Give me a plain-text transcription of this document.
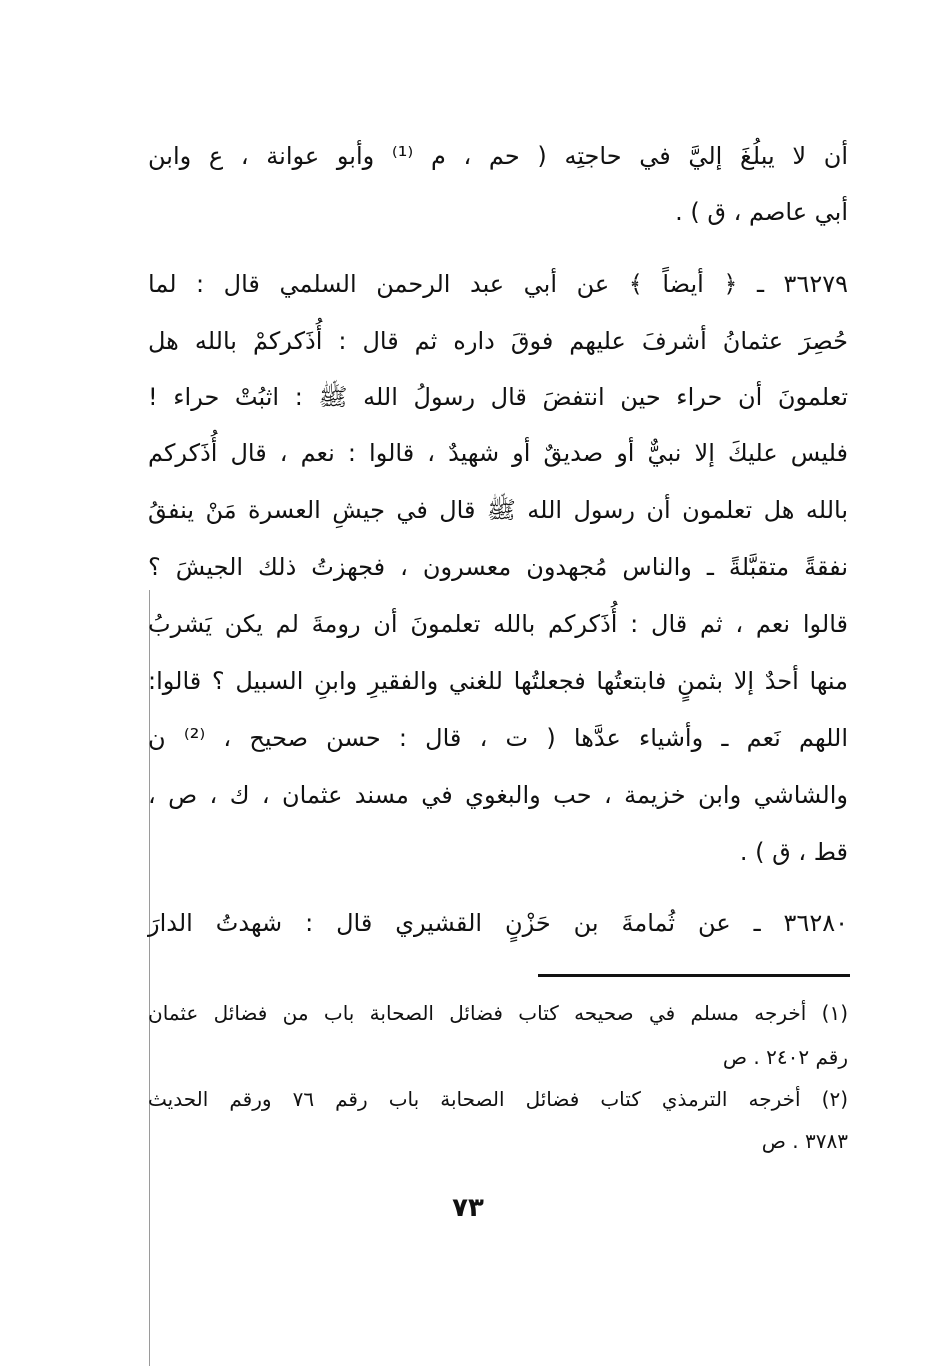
أن لا يبلُغَ إليَّ في حاجتِه ( حم ، م ⁽¹⁾ وأبو عوانة ، ع وابن
أبي عاصم ، ق ) .
٣٦٢٧٩ ـ ﴿ أيضاً ﴾ عن أبي عبد الرحمن السلمي قال : لما
حُصِرَ عثمانُ أشرفَ عليهم فوقَ داره ثم قال : أُذَكركمْ بالله هل
تعلمونَ أن حراء حين انتفضَ قال رسولُ الله ﷺ : اثبُتْ حراء !
فليس عليكَ إلا نبيٌّ أو صديقٌ أو شهيدٌ ، قالوا : نعم ، قال أُذَكركم
بالله هل تعلمون أن رسول الله ﷺ قال في جيشِ العسرة مَنْ ينفقُ
نفقةً متقبَّلةً ـ والناس مُجهدون معسرون ، فجهزتُ ذلك الجيشَ ؟
قالوا نعم ، ثم قال : أُذَكركم بالله تعلمونَ أن رومةَ لم يكن يَشربُ
منها أحدٌ إلا بثمنٍ فابتعتُها فجعلتُها للغني والفقيرِ وابنِ السبيل ؟ قالوا:
اللهم نَعم ـ وأشياء عدَّها ( ت ، قال : حسن صحيح ، ⁽²⁾ ن
والشاشي وابن خزيمة ، حب والبغوي في مسند عثمان ، ك ، ص ،
قط ، ق ) .
٣٦٢٨٠ ـ عن ثُمامةَ بن حَزْنٍ القشيري قال : شهدتُ الدارَ
(١) أخرجه مسلم في صحيحه كتاب فضائل الصحابة باب من فضائل عثمان
رقم ٢٤٠٢ . ص
(٢) أخرجه الترمذي كتاب فضائل الصحابة باب رقم ٧٦ ورقم الحديث
٣٧٨٣ . ص
٧٣
